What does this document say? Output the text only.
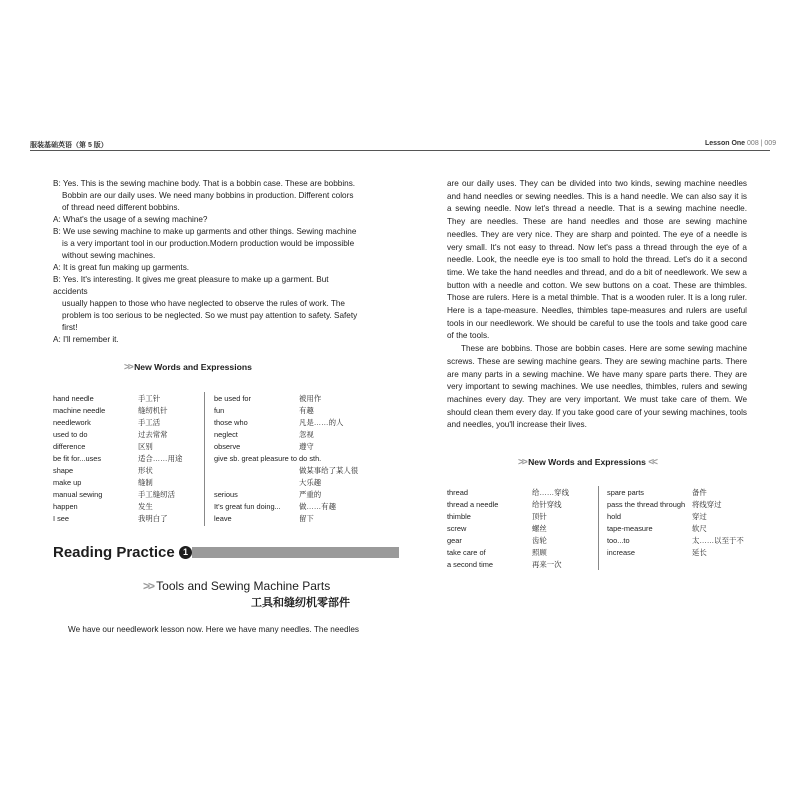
服装基础英语（第 5 版）	Lesson One 008 | 009
B: Yes. This is the sewing machine body. That is a bobbin case. These are bobbins.
Bobbin are our daily uses. We need many bobbins in production. Different colors
of thread need different bobbins.
A: What's the usage of a sewing machine?
B: We use sewing machine to make up garments and other things. Sewing machine
is a very important tool in our production.Modern production would be impossible
without sewing machines.
A: It is great fun making up garments.
B: Yes. It's interesting. It gives me great pleasure to make up a garment. But accidents
usually happen to those who have neglected to observe the rules of work. The
problem is too serious to be neglected. So we must pay attention to safety. Safety first!
A: I'll remember it.
>> New Words and Expressions
hand needle	手工针
machine needle	缝纫机针
needlework	手工活
used to do	过去常常
difference	区别
be fit for...uses	适合……用途
shape	形状
make up	缝制
manual sewing	手工缝纫活
happen	发生
I see	我明白了
be used for	被用作
fun	有趣
those who	凡是……的人
neglect	忽视
observe	遵守
give sb. great pleasure to do sth.
做某事给了某人很
大乐趣
serious	严重的
It's great fun doing... 做……有趣
leave	留下
Reading Practice 1
>> Tools and Sewing Machine Parts
工具和缝纫机零部件

We have our needlework lesson now. Here we have many needles. The needles

are our daily uses. They can be divided into two kinds, sewing machine needles and hand needles or sewing needles. This is a hand needle. We can also say it is a sewing needle. Now let's thread a needle. That is a sewing machine needle. They are needles. These are hand needles and those are sewing machine needles. They are very nice. They are sharp and pointed. The eye of a needle is very small. It's not easy to thread. Now let's pass a thread through the eye of a needle. Look, the needle eye is too small to hold the thread. Let's do it a second time. We take the hand needles and thread, and do a bit of needlework. We sew a button with a needle and cotton. We sew buttons on a coat. These are thimbles. Those are rulers. Here is a metal thimble. That is a wooden ruler. It is a long ruler. Here is a tape-measure. Needles, thimbles tape-measures and rulers are useful tools in our needlework. We should be careful to use the tools and take good care of the tools.

These are bobbins. Those are bobbin cases. Here are some sewing machine screws. These are sewing machine gears. They are sewing machine parts. There are many parts in a sewing machine. We have many spare parts there. They are very important to sewing machines. We use needles, thimbles, rulers and sewing machines every day. They are very important. We must take care of them. We should clean them every day. If you take good care of your sewing machines, tools and needles, you'll increase their lives.

>> New Words and Expressions <<
thread	给……穿线
thread a needle	给针穿线
thimble	顶针
screw	螺丝
gear	齿轮
take care of	照顾
a second time	再来一次
spare parts	备件
pass the thread through 将线穿过
hold	穿过
tape-measure	软尺
too...to	太……以至于不
increase	延长
